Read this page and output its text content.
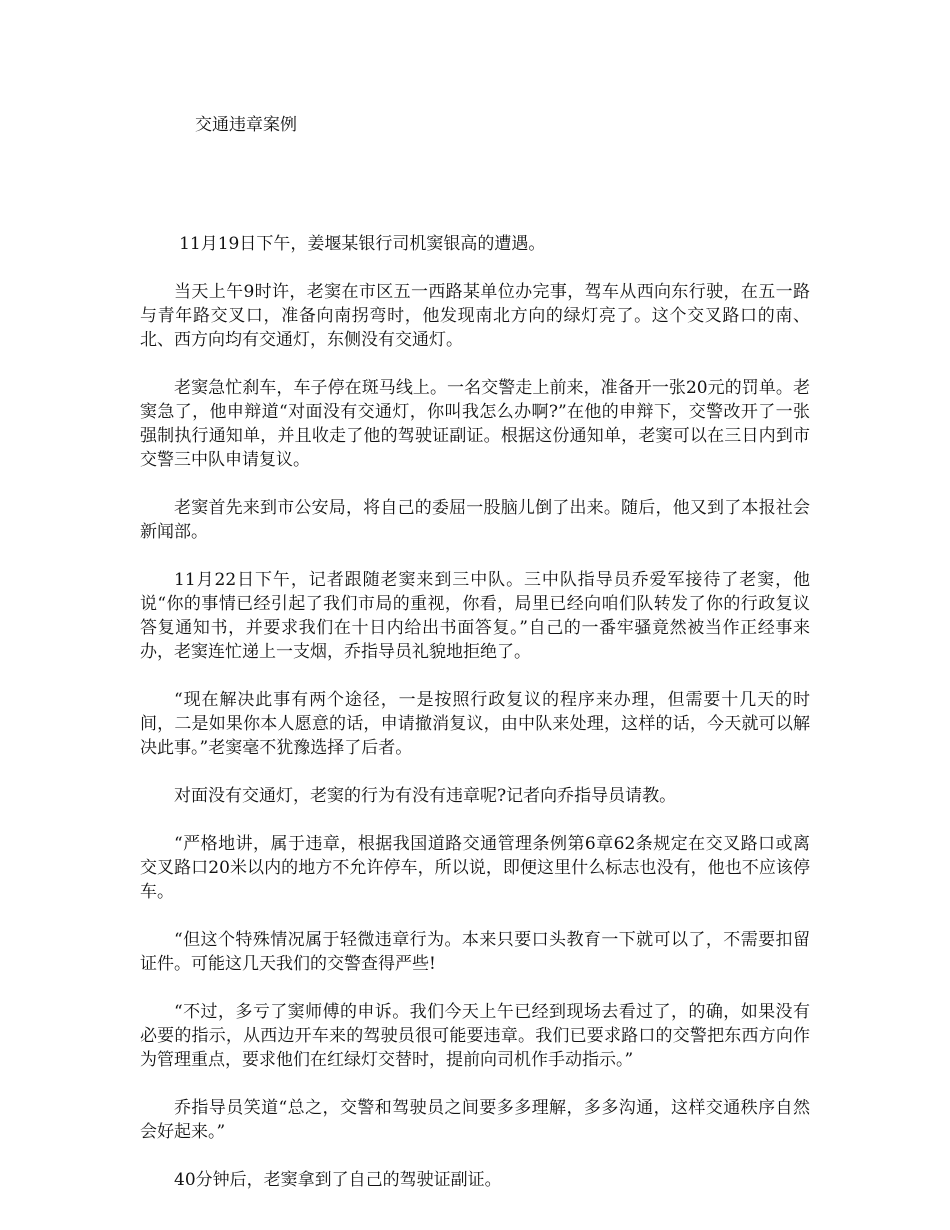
交通违章案例

11月19日下午，姜堰某银行司机窦银高的遭遇。

当天上午9时许，老窦在市区五一西路某单位办完事，驾车从西向东行驶，在五一路与青年路交叉口，准备向南拐弯时，他发现南北方向的绿灯亮了。这个交叉路口的南、北、西方向均有交通灯，东侧没有交通灯。

老窦急忙刹车，车子停在斑马线上。一名交警走上前来，准备开一张20元的罚单。老窦急了，他申辩道“对面没有交通灯，你叫我怎么办啊?”在他的申辩下，交警改开了一张强制执行通知单，并且收走了他的驾驶证副证。根据这份通知单，老窦可以在三日内到市交警三中队申请复议。

老窦首先来到市公安局，将自己的委屈一股脑儿倒了出来。随后，他又到了本报社会新闻部。

11月22日下午，记者跟随老窦来到三中队。三中队指导员乔爱军接待了老窦，他说“你的事情已经引起了我们市局的重视，你看，局里已经向咱们队转发了你的行政复议答复通知书，并要求我们在十日内给出书面答复。”自己的一番牢骚竟然被当作正经事来办，老窦连忙递上一支烟，乔指导员礼貌地拒绝了。

“现在解决此事有两个途径，一是按照行政复议的程序来办理，但需要十几天的时间，二是如果你本人愿意的话，申请撤消复议，由中队来处理，这样的话，今天就可以解决此事。”老窦毫不犹豫选择了后者。

对面没有交通灯，老窦的行为有没有违章呢?记者向乔指导员请教。

“严格地讲，属于违章，根据我国道路交通管理条例第6章62条规定在交叉路口或离交叉路口20米以内的地方不允许停车，所以说，即便这里什么标志也没有，他也不应该停车。

“但这个特殊情况属于轻微违章行为。本来只要口头教育一下就可以了，不需要扣留证件。可能这几天我们的交警查得严些!

“不过，多亏了窦师傅的申诉。我们今天上午已经到现场去看过了，的确，如果没有必要的指示，从西边开车来的驾驶员很可能要违章。我们已要求路口的交警把东西方向作为管理重点，要求他们在红绿灯交替时，提前向司机作手动指示。”

乔指导员笑道“总之，交警和驾驶员之间要多多理解，多多沟通，这样交通秩序自然会好起来。”

40分钟后，老窦拿到了自己的驾驶证副证。
